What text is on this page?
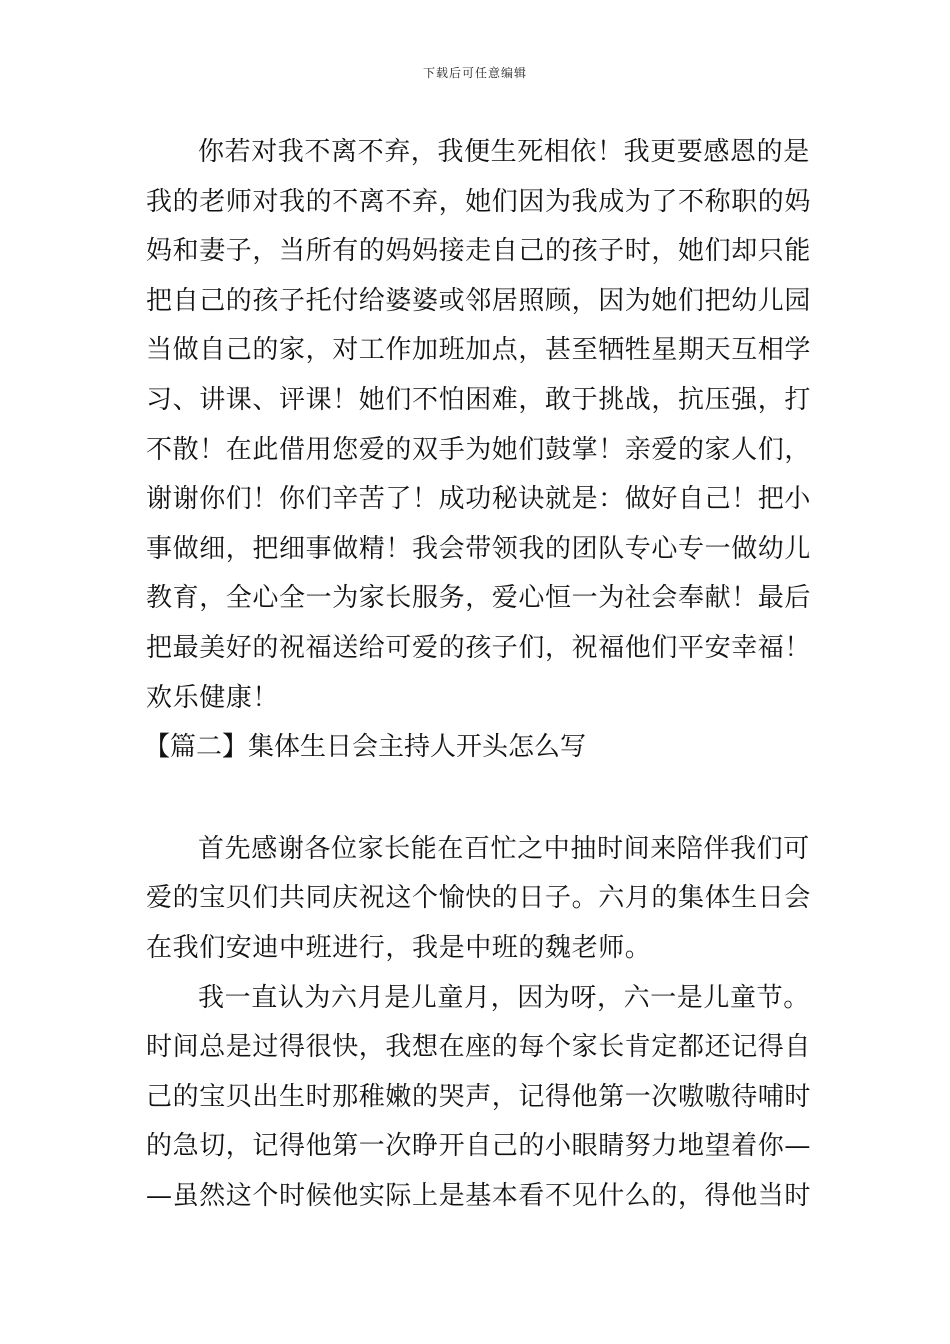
下载后可任意编辑
你若对我不离不弃，我便生死相依！我更要感恩的是
我的老师对我的不离不弃，她们因为我成为了不称职的妈
妈和妻子，当所有的妈妈接走自己的孩子时，她们却只能
把自己的孩子托付给婆婆或邻居照顾，因为她们把幼儿园
当做自己的家，对工作加班加点，甚至牺牲星期天互相学
习、讲课、评课！她们不怕困难，敢于挑战，抗压强，打
不散！在此借用您爱的双手为她们鼓掌！亲爱的家人们，
谢谢你们！你们辛苦了！成功秘诀就是：做好自己！把小
事做细，把细事做精！我会带领我的团队专心专一做幼儿
教育，全心全一为家长服务，爱心恒一为社会奉献！最后
把最美好的祝福送给可爱的孩子们，祝福他们平安幸福！
欢乐健康！
【篇二】集体生日会主持人开头怎么写
首先感谢各位家长能在百忙之中抽时间来陪伴我们可
爱的宝贝们共同庆祝这个愉快的日子。六月的集体生日会
在我们安迪中班进行，我是中班的魏老师。
我一直认为六月是儿童月，因为呀，六一是儿童节。
时间总是过得很快，我想在座的每个家长肯定都还记得自
己的宝贝出生时那稚嫩的哭声，记得他第一次嗷嗷待哺时
的急切，记得他第一次睁开自己的小眼睛努力地望着你—
—虽然这个时候他实际上是基本看不见什么的，得他当时
